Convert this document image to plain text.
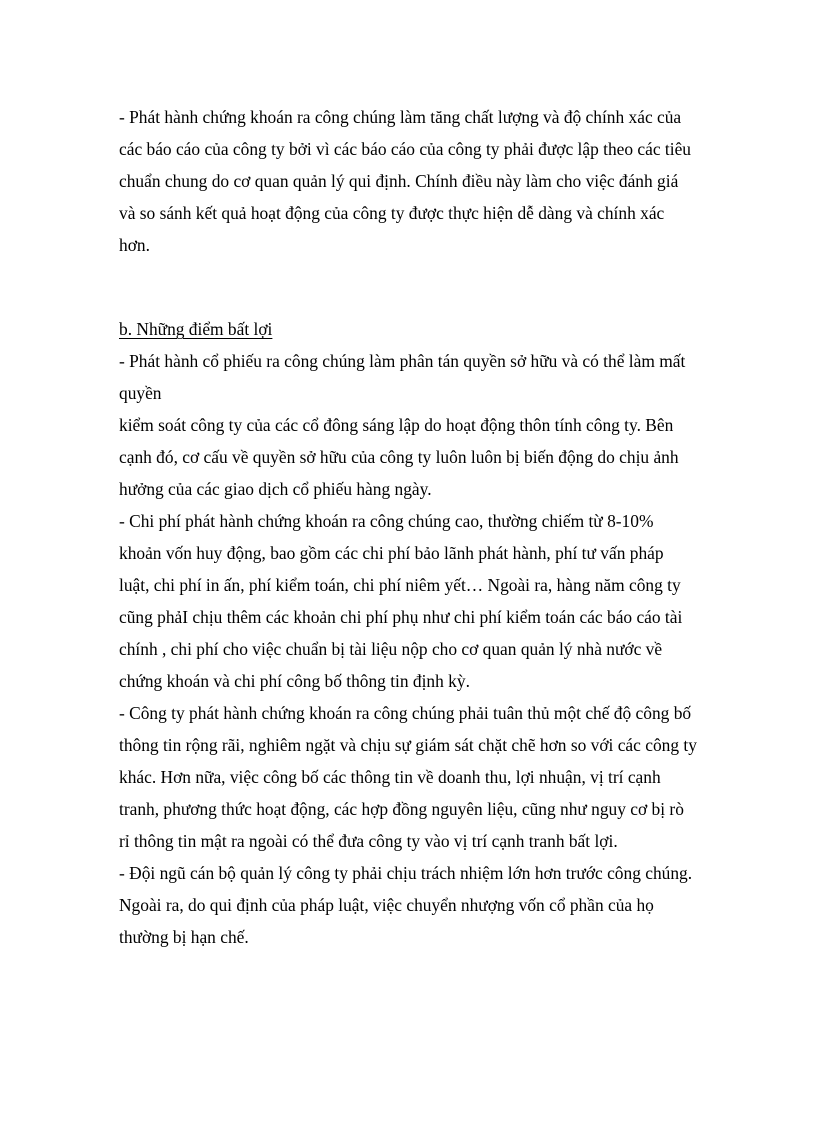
- Phát hành chứng khoán ra công chúng làm tăng chất lượng và độ chính xác của
các báo cáo của công ty bởi vì các báo cáo của công ty phải được lập theo các tiêu
chuẩn chung do cơ quan quản lý qui định. Chính điều này làm cho việc đánh giá
và so sánh kết quả hoạt động của công ty được thực hiện dễ dàng và chính xác
hơn.
b. Những điểm bất lợi
- Phát hành cổ phiếu ra công chúng làm phân tán quyền sở hữu và có thể làm mất
quyền
kiểm soát công ty của các cổ đông sáng lập do hoạt động thôn tính công ty. Bên
cạnh đó, cơ cấu về quyền sở hữu của công ty luôn luôn bị biến động do chịu ảnh
hưởng của các giao dịch cổ phiếu hàng ngày.
- Chi phí phát hành chứng khoán ra công chúng cao, thường chiếm từ 8-10%
khoản vốn huy động, bao gồm các chi phí bảo lãnh phát hành, phí tư vấn pháp
luật, chi phí in ấn, phí kiểm toán, chi phí niêm yết… Ngoài ra, hàng năm công ty
cũng phảI chịu thêm các khoản chi phí phụ như chi phí kiểm toán các báo cáo tài
chính , chi phí cho việc chuẩn bị tài liệu nộp cho cơ quan quản lý nhà nước về
chứng khoán và chi phí công bố thông tin định kỳ.
- Công ty phát hành chứng khoán ra công chúng phải tuân thủ một chế độ công bố
thông tin rộng rãi, nghiêm ngặt và chịu sự giám sát chặt chẽ hơn so với các công ty
khác. Hơn nữa, việc công bố các thông tin về doanh thu, lợi nhuận, vị trí cạnh
tranh, phương thức hoạt động, các hợp đồng nguyên liệu, cũng như nguy cơ bị rò
rỉ thông tin mật ra ngoài có thể đưa công ty vào vị trí cạnh tranh bất lợi.
- Đội ngũ cán bộ quản lý công ty phải chịu trách nhiệm lớn hơn trước công chúng.
Ngoài ra, do qui định của pháp luật, việc chuyển nhượng vốn cổ phần của họ
thường bị hạn chế.
